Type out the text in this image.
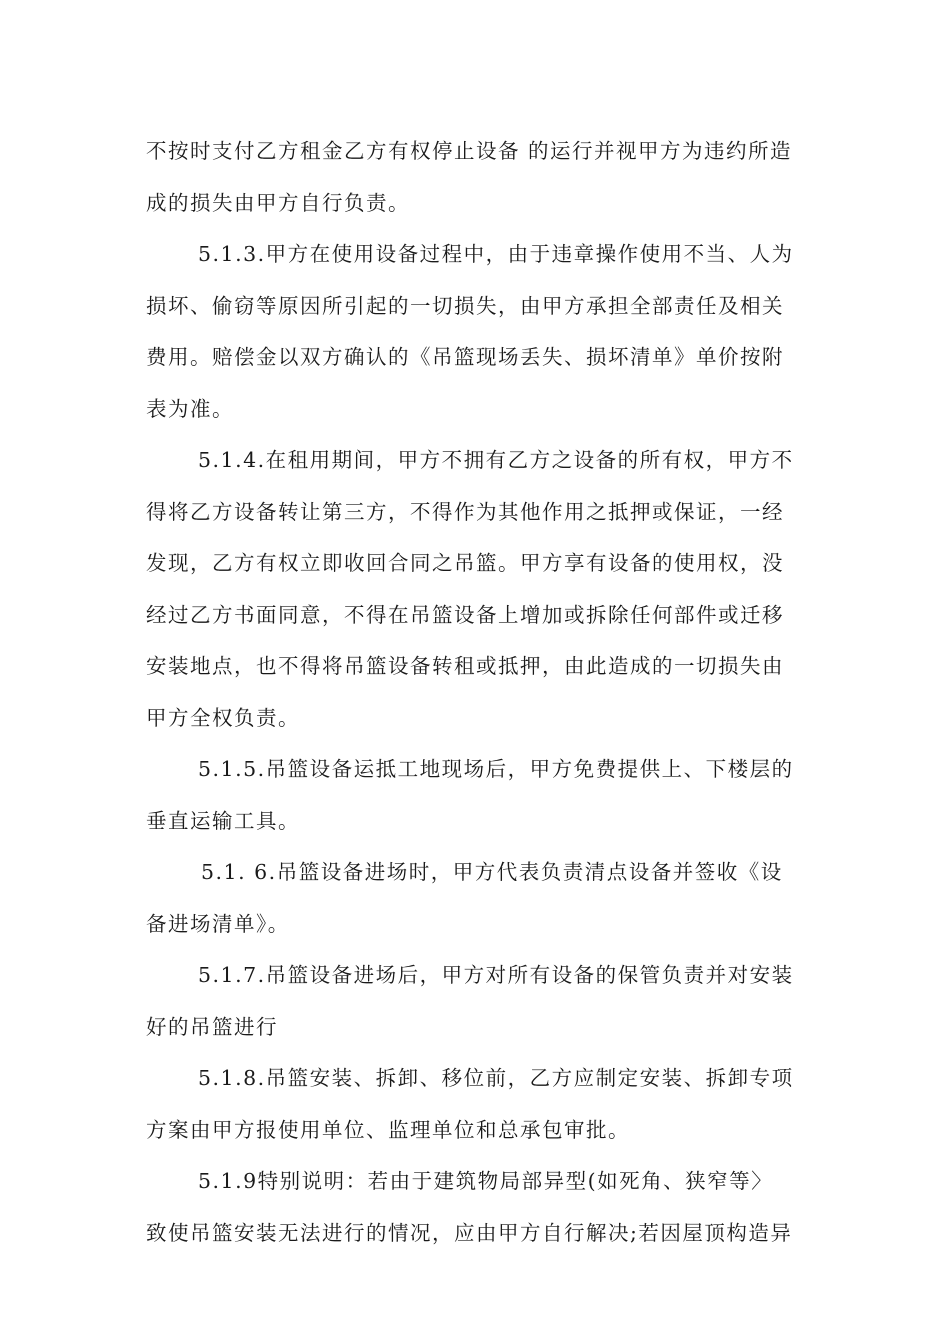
不按时支付乙方租金乙方有权停止设备 的运行并视甲方为违约所造
成的损失由甲方自行负责。
5.1.3.甲方在使用设备过程中，由于违章操作使用不当、人为
损坏、偷窃等原因所引起的一切损失，由甲方承担全部责任及相关
费用。赔偿金以双方确认的《吊篮现场丢失、损坏清单》单价按附
表为准。
5.1.4.在租用期间，甲方不拥有乙方之设备的所有权，甲方不
得将乙方设备转让第三方，不得作为其他作用之抵押或保证，一经
发现，乙方有权立即收回合同之吊篮。甲方享有设备的使用权，没
经过乙方书面同意，不得在吊篮设备上增加或拆除任何部件或迁移
安装地点，也不得将吊篮设备转租或抵押，由此造成的一切损失由
甲方全权负责。
5.1.5.吊篮设备运抵工地现场后，甲方免费提供上、下楼层的
垂直运输工具。
5.1. 6.吊篮设备进场时，甲方代表负责清点设备并签收《设
备进场清单》。
5.1.7.吊篮设备进场后，甲方对所有设备的保管负责并对安装
好的吊篮进行
5.1.8.吊篮安装、拆卸、移位前，乙方应制定安装、拆卸专项
方案由甲方报使用单位、监理单位和总承包审批。
5.1.9特别说明：若由于建筑物局部异型(如死角、狭窄等〉
致使吊篮安装无法进行的情况，应由甲方自行解决;若因屋顶构造异
